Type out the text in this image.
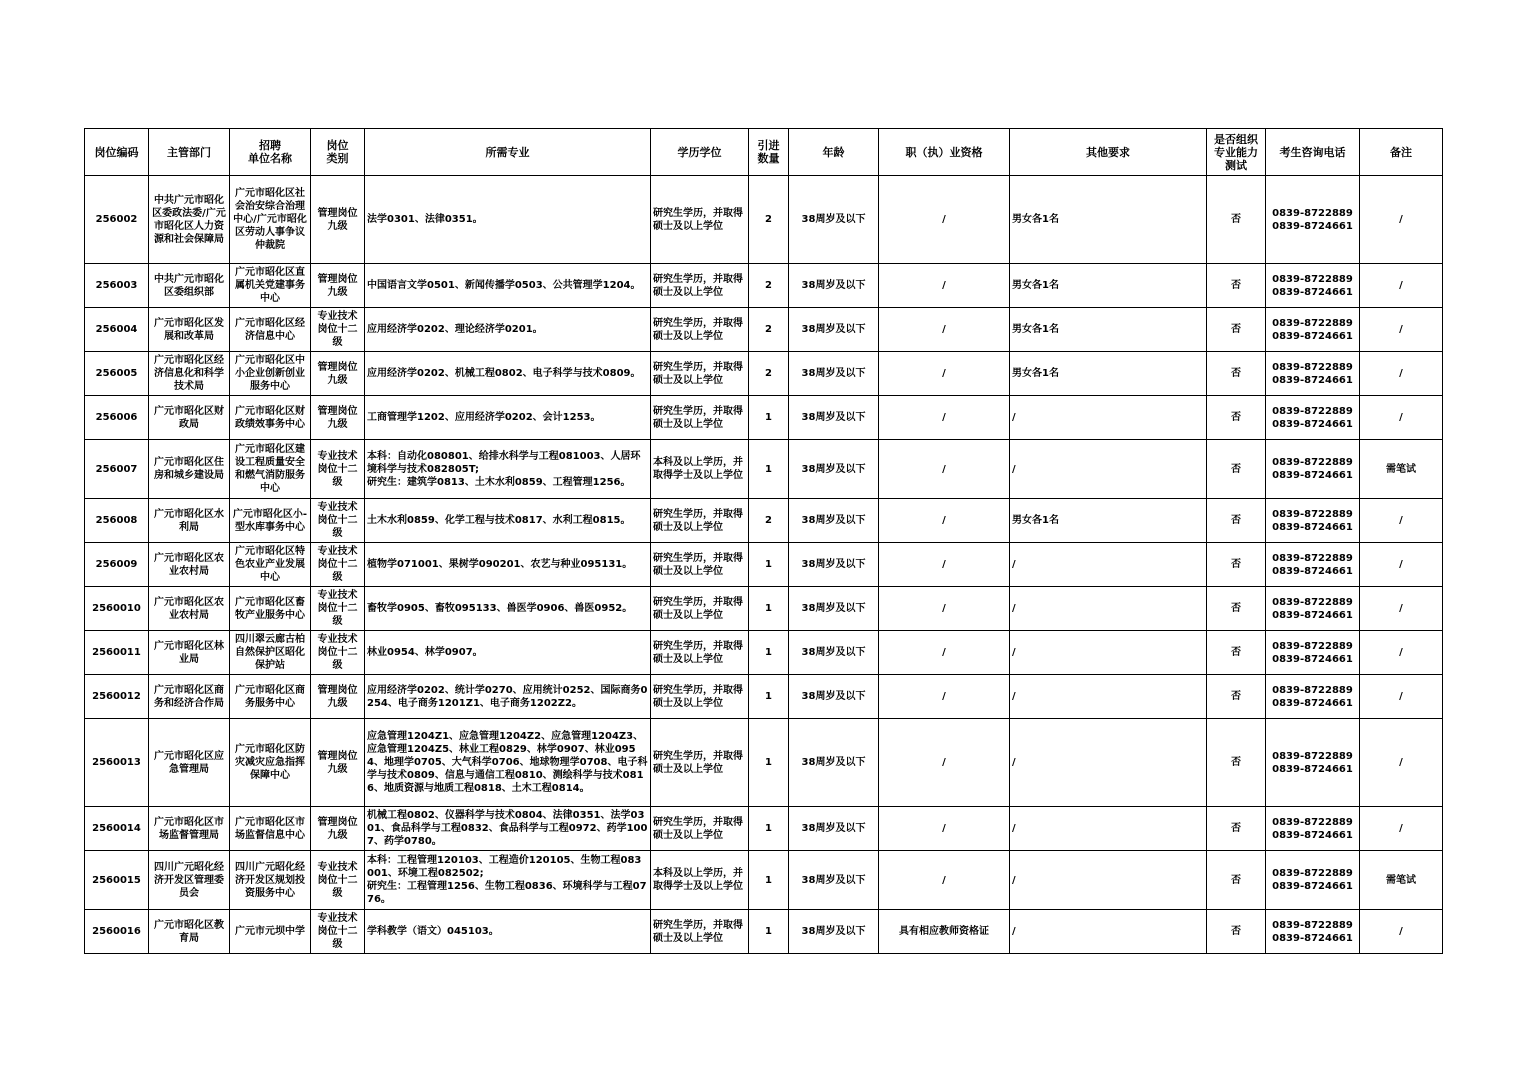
岗位编码	主管部门	招聘
单位名称	岗位
类别	所需专业	学历学位	引进
数量	年龄	职（执）业资格	其他要求	是否组织
专业能力
测试	考生咨询电话	备注
256002	中共广元市昭化区委政法委/广元市昭化区人力资源和社会保障局	广元市昭化区社会治安综合治理中心/广元市昭化区劳动人事争议仲裁院	管理岗位九级	法学0301、法律0351。	研究生学历，并取得硕士及以上学位	2	38周岁及以下	/	男女各1名	否	0839-8722889
0839-8724661	/
256003	中共广元市昭化区委组织部	广元市昭化区直属机关党建事务中心	管理岗位九级	中国语言文学0501、新闻传播学0503、公共管理学1204。	研究生学历，并取得硕士及以上学位	2	38周岁及以下	/	男女各1名	否	0839-8722889
0839-8724661	/
256004	广元市昭化区发展和改革局	广元市昭化区经济信息中心	专业技术岗位十二级	应用经济学0202、理论经济学0201。	研究生学历，并取得硕士及以上学位	2	38周岁及以下	/	男女各1名	否	0839-8722889
0839-8724661	/
256005	广元市昭化区经济信息化和科学技术局	广元市昭化区中小企业创新创业服务中心	管理岗位九级	应用经济学0202、机械工程0802、电子科学与技术0809。	研究生学历，并取得硕士及以上学位	2	38周岁及以下	/	男女各1名	否	0839-8722889
0839-8724661	/
256006	广元市昭化区财政局	广元市昭化区财政绩效事务中心	管理岗位九级	工商管理学1202、应用经济学0202、会计1253。	研究生学历，并取得硕士及以上学位	1	38周岁及以下	/	/	否	0839-8722889
0839-8724661	/
256007	广元市昭化区住房和城乡建设局	广元市昭化区建设工程质量安全和燃气消防服务中心	专业技术岗位十二级	本科：自动化080801、给排水科学与工程081003、人居环境科学与技术082805T;
研究生：建筑学0813、土木水利0859、工程管理1256。	本科及以上学历，并取得学士及以上学位	1	38周岁及以下	/	/	否	0839-8722889
0839-8724661	需笔试
256008	广元市昭化区水利局	广元市昭化区小-型水库事务中心	专业技术岗位十二级	土木水利0859、化学工程与技术0817、水利工程0815。	研究生学历，并取得硕士及以上学位	2	38周岁及以下	/	男女各1名	否	0839-8722889
0839-8724661	/
256009	广元市昭化区农业农村局	广元市昭化区特色农业产业发展中心	专业技术岗位十二级	植物学071001、果树学090201、农艺与种业095131。	研究生学历，并取得硕士及以上学位	1	38周岁及以下	/	/	否	0839-8722889
0839-8724661	/
2560010	广元市昭化区农业农村局	广元市昭化区畜牧产业服务中心	专业技术岗位十二级	畜牧学0905、畜牧095133、兽医学0906、兽医0952。	研究生学历，并取得硕士及以上学位	1	38周岁及以下	/	/	否	0839-8722889
0839-8724661	/
2560011	广元市昭化区林业局	四川翠云廊古柏自然保护区昭化保护站	专业技术岗位十二级	林业0954、林学0907。	研究生学历，并取得硕士及以上学位	1	38周岁及以下	/	/	否	0839-8722889
0839-8724661	/
2560012	广元市昭化区商务和经济合作局	广元市昭化区商务服务中心	管理岗位九级	应用经济学0202、统计学0270、应用统计0252、国际商务0254、电子商务1201Z1、电子商务1202Z2。	研究生学历，并取得硕士及以上学位	1	38周岁及以下	/	/	否	0839-8722889
0839-8724661	/
2560013	广元市昭化区应急管理局	广元市昭化区防灾减灾应急指挥保障中心	管理岗位九级	应急管理1204Z1、应急管理1204Z2、应急管理1204Z3、应急管理1204Z5、林业工程0829、林学0907、林业0954、地理学0705、大气科学0706、地球物理学0708、电子科学与技术0809、信息与通信工程0810、测绘科学与技术0816、地质资源与地质工程0818、土木工程0814。	研究生学历，并取得硕士及以上学位	1	38周岁及以下	/	/	否	0839-8722889
0839-8724661	/
2560014	广元市昭化区市场监督管理局	广元市昭化区市场监督信息中心	管理岗位九级	机械工程0802、仪器科学与技术0804、法律0351、法学0301、食品科学与工程0832、食品科学与工程0972、药学1007、药学0780。	研究生学历，并取得硕士及以上学位	1	38周岁及以下	/	/	否	0839-8722889
0839-8724661	/
2560015	四川广元昭化经济开发区管理委员会	四川广元昭化经济开发区规划投资服务中心	专业技术岗位十二级	本科：工程管理120103、工程造价120105、生物工程083001、环境工程082502;
研究生：工程管理1256、生物工程0836、环境科学与工程0776。	本科及以上学历，并取得学士及以上学位	1	38周岁及以下	/	/	否	0839-8722889
0839-8724661	需笔试
2560016	广元市昭化区教育局	广元市元坝中学	专业技术岗位十二级	学科教学（语文）045103。	研究生学历，并取得硕士及以上学位	1	38周岁及以下	具有相应教师资格证	/	否	0839-8722889
0839-8724661	/
